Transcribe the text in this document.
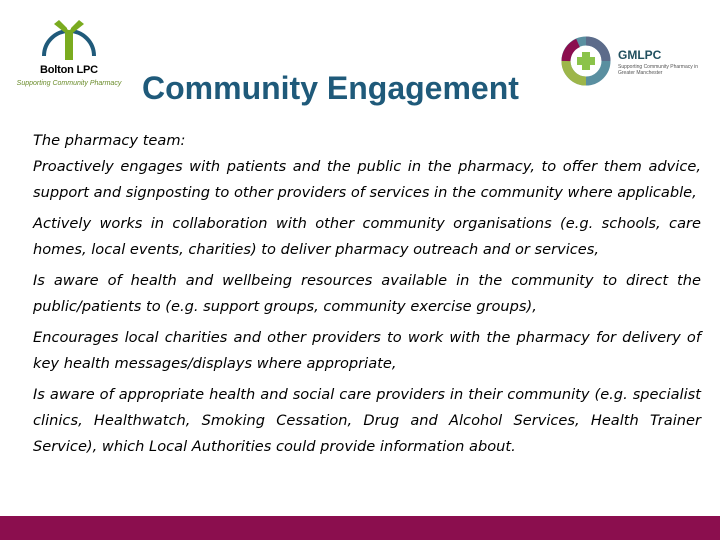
Bolton LPC
Supporting Community Pharmacy Community Engagement
GMLPC
Supporting Community Pharmacy in Greater Manchester

The pharmacy team:

Proactively engages with patients and the public in the pharmacy, to offer them advice, support and signposting to other providers of services in the community where applicable,

Actively works in collaboration with other community organisations (e.g. schools, care homes, local events, charities) to deliver pharmacy outreach and or services,

Is aware of health and wellbeing resources available in the community to direct the public/patients to (e.g. support groups, community exercise groups),

Encourages local charities and other providers to work with the pharmacy for delivery of key health messages/displays where appropriate,

Is aware of appropriate health and social care providers in their community (e.g. specialist clinics, Healthwatch, Smoking Cessation, Drug and Alcohol Services, Health Trainer Service), which Local Authorities could provide information about.
